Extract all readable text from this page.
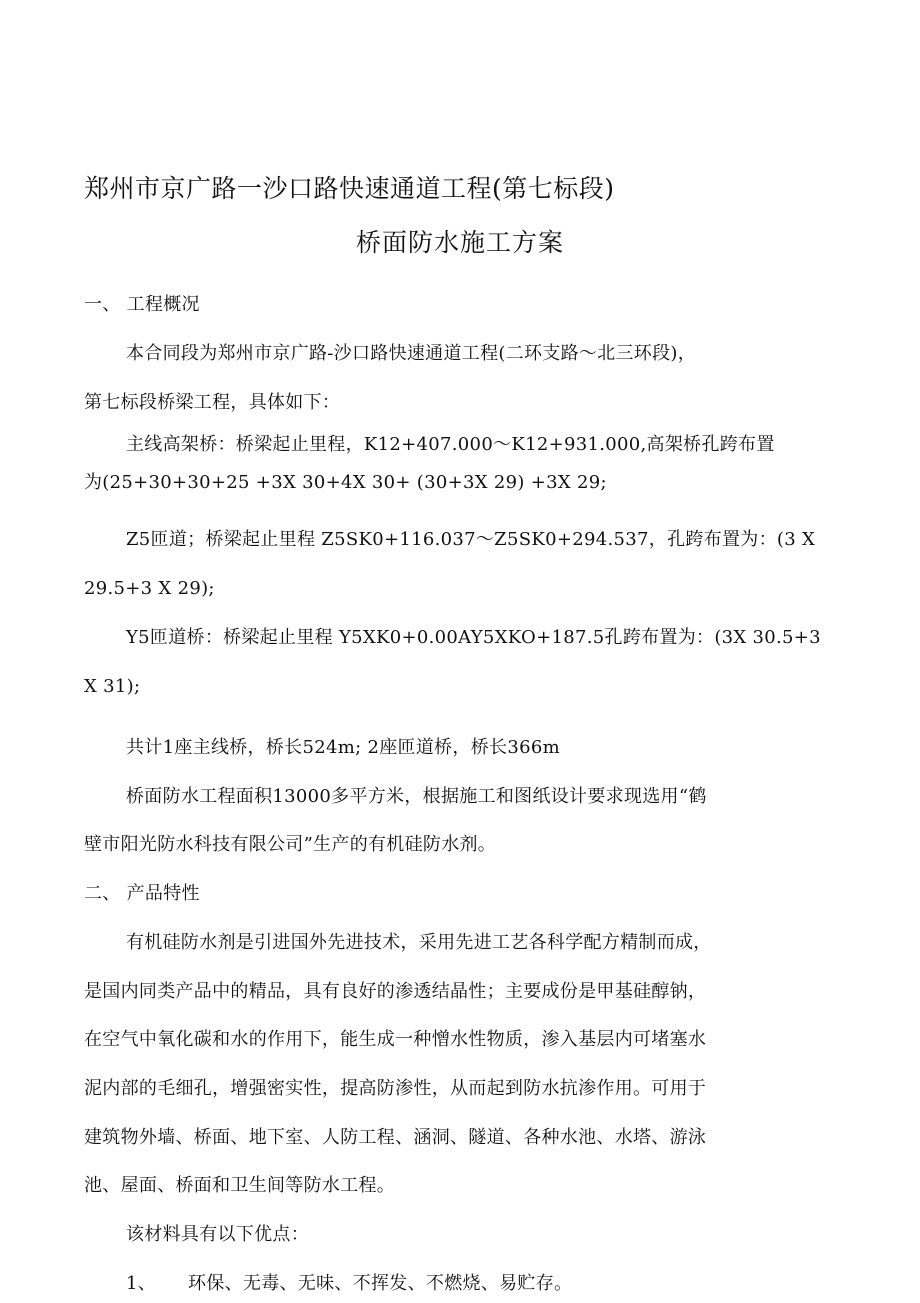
郑州市京广路一沙口路快速通道工程(第七标段)
桥面防水施工方案
一、 工程概况
本合同段为郑州市京广路-沙口路快速通道工程(二环支路〜北三环段)，
第七标段桥梁工程，具体如下：
主线高架桥：桥梁起止里程，K12+407.000〜K12+931.000,高架桥孔跨布置
为(25+30+30+25 +3X 30+4X 30+ (30+3X 29) +3X 29;
Z5匝道；桥梁起止里程 Z5SK0+116.037〜Z5SK0+294.537，孔跨布置为：(3 X
29.5+3 X 29);
Y5匝道桥：桥梁起止里程 Y5XK0+0.00AY5XKO+187.5孔跨布置为：(3X 30.5+3
X 31);
共计1座主线桥，桥长524m; 2座匝道桥，桥长366m
桥面防水工程面积13000多平方米，根据施工和图纸设计要求现选用“鹤
壁市阳光防水科技有限公司”生产的有机硅防水剂。
二、 产品特性
有机硅防水剂是引进国外先进技术，采用先进工艺各科学配方精制而成，
是国内同类产品中的精品，具有良好的渗透结晶性；主要成份是甲基硅醇钠，
在空气中氧化碳和水的作用下，能生成一种憎水性物质，渗入基层内可堵塞水
泥内部的毛细孔，增强密实性，提高防渗性，从而起到防水抗渗作用。可用于
建筑物外墙、桥面、地下室、人防工程、涵洞、隧道、各种水池、水塔、游泳
池、屋面、桥面和卫生间等防水工程。
该材料具有以下优点：
1、 环保、无毒、无味、不挥发、不燃烧、易贮存。
